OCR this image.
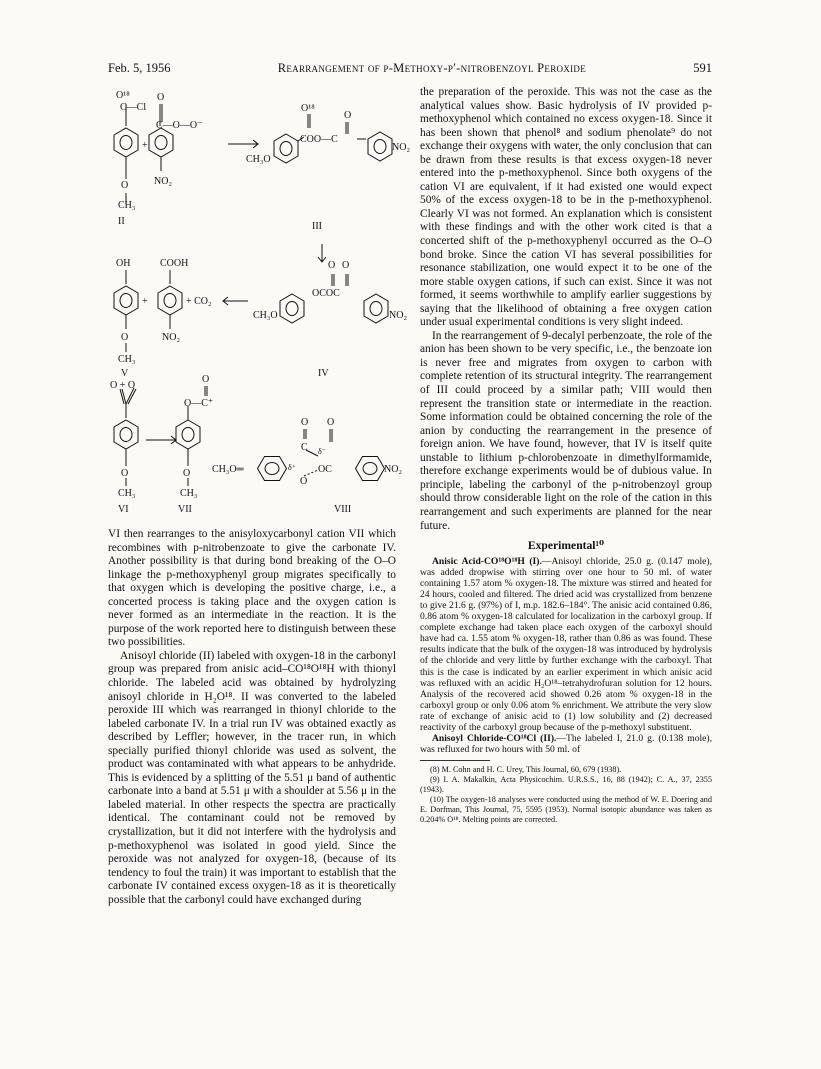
Feb. 5, 1956	Rearrangement of p-Methoxy-p′-nitrobenzoyl Peroxide	591
O¹⁸
C—Cl
O
CH₃
II
+
O
C—O—O⁻
NO₂
CH₃O
O¹⁸
O
COO—C
NO₂
III
OH
O
CH₃
V
+
COOH
NO₂
+ CO₂
CH₃O
O O
OCOC
NO₂
IV
O + O
O
CH₃
VI
O
O—C⁺
O
CH₃
VII
CH₃O═
O
C
δ⁺
δ⁻
O
OC
O
NO₂
VIII

VI then rearranges to the anisyloxycarbonyl cation VII which recombines with p-nitrobenzoate to give the carbonate IV. Another possibility is that during bond breaking of the O–O linkage the p-methoxyphenyl group migrates specifically to that oxygen which is developing the positive charge, i.e., a concerted process is taking place and the oxygen cation is never formed as an intermediate in the reaction. It is the purpose of the work reported here to distinguish between these two possibilities.

Anisoyl chloride (II) labeled with oxygen-18 in the carbonyl group was prepared from anisic acid–CO¹⁸O¹⁸H with thionyl chloride. The labeled acid was obtained by hydrolyzing anisoyl chloride in H₂O¹⁸. II was converted to the labeled peroxide III which was rearranged in thionyl chloride to the labeled carbonate IV. In a trial run IV was obtained exactly as described by Leffler; however, in the tracer run, in which specially purified thionyl chloride was used as solvent, the product was contaminated with what appears to be anhydride. This is evidenced by a splitting of the 5.51 μ band of authentic carbonate into a band at 5.51 μ with a shoulder at 5.56 μ in the labeled material. In other respects the spectra are practically identical. The contaminant could not be removed by crystallization, but it did not interfere with the hydrolysis and p-methoxyphenol was isolated in good yield. Since the peroxide was not analyzed for oxygen-18, (because of its tendency to foul the train) it was important to establish that the carbonate IV contained excess oxygen-18 as it is theoretically possible that the carbonyl could have exchanged during

the preparation of the peroxide. This was not the case as the analytical values show. Basic hydrolysis of IV provided p-methoxyphenol which contained no excess oxygen-18. Since it has been shown that phenol⁸ and sodium phenolate⁹ do not exchange their oxygens with water, the only conclusion that can be drawn from these results is that excess oxygen-18 never entered into the p-methoxyphenol. Since both oxygens of the cation VI are equivalent, if it had existed one would expect 50% of the excess oxygen-18 to be in the p-methoxyphenol. Clearly VI was not formed. An explanation which is consistent with these findings and with the other work cited is that a concerted shift of the p-methoxyphenyl occurred as the O–O bond broke. Since the cation VI has several possibilities for resonance stabilization, one would expect it to be one of the more stable oxygen cations, if such can exist. Since it was not formed, it seems worthwhile to amplify earlier suggestions by saying that the likelihood of obtaining a free oxygen cation under usual experimental conditions is very slight indeed.

In the rearrangement of 9-decalyl perbenzoate, the role of the anion has been shown to be very specific, i.e., the benzoate ion is never free and migrates from oxygen to carbon with complete retention of its structural integrity. The rearrangement of III could proceed by a similar path; VIII would then represent the transition state or intermediate in the reaction. Some information could be obtained concerning the role of the anion by conducting the rearrangement in the presence of foreign anion. We have found, however, that IV is itself quite unstable to lithium p-chlorobenzoate in dimethylformamide, therefore exchange experiments would be of dubious value. In principle, labeling the carbonyl of the p-nitrobenzoyl group should throw considerable light on the role of the cation in this rearrangement and such experiments are planned for the near future.

Experimental¹⁰

Anisic Acid-CO¹⁸O¹⁸H (I).—Anisoyl chloride, 25.0 g. (0.147 mole), was added dropwise with stirring over one hour to 50 ml. of water containing 1.57 atom % oxygen-18. The mixture was stirred and heated for 24 hours, cooled and filtered. The dried acid was crystallized from benzene to give 21.6 g. (97%) of I, m.p. 182.6–184°. The anisic acid contained 0.86, 0.86 atom % oxygen-18 calculated for localization in the carboxyl group. If complete exchange had taken place each oxygen of the carboxyl should have had ca. 1.55 atom % oxygen-18, rather than 0.86 as was found. These results indicate that the bulk of the oxygen-18 was introduced by hydrolysis of the chloride and very little by further exchange with the carboxyl. That this is the case is indicated by an earlier experiment in which anisic acid was refluxed with an acidic H₂O¹⁸–tetrahydrofuran solution for 12 hours. Analysis of the recovered acid showed 0.26 atom % oxygen-18 in the carboxyl group or only 0.06 atom % enrichment. We attribute the very slow rate of exchange of anisic acid to (1) low solubility and (2) decreased reactivity of the carboxyl group because of the p-methoxyl substituent.

Anisoyl Chloride-CO¹⁸Cl (II).—The labeled I, 21.0 g. (0.138 mole), was refluxed for two hours with 50 ml. of

(8) M. Cohn and H. C. Urey, This Journal, 60, 679 (1938).

(9) I. A. Makalkin, Acta Physicochim. U.R.S.S., 16, 88 (1942); C. A., 37, 2355 (1943).

(10) The oxygen-18 analyses were conducted using the method of W. E. Doering and E. Dorfman, This Journal, 75, 5595 (1953). Normal isotopic abundance was taken as 0.204% O¹⁸. Melting points are corrected.
